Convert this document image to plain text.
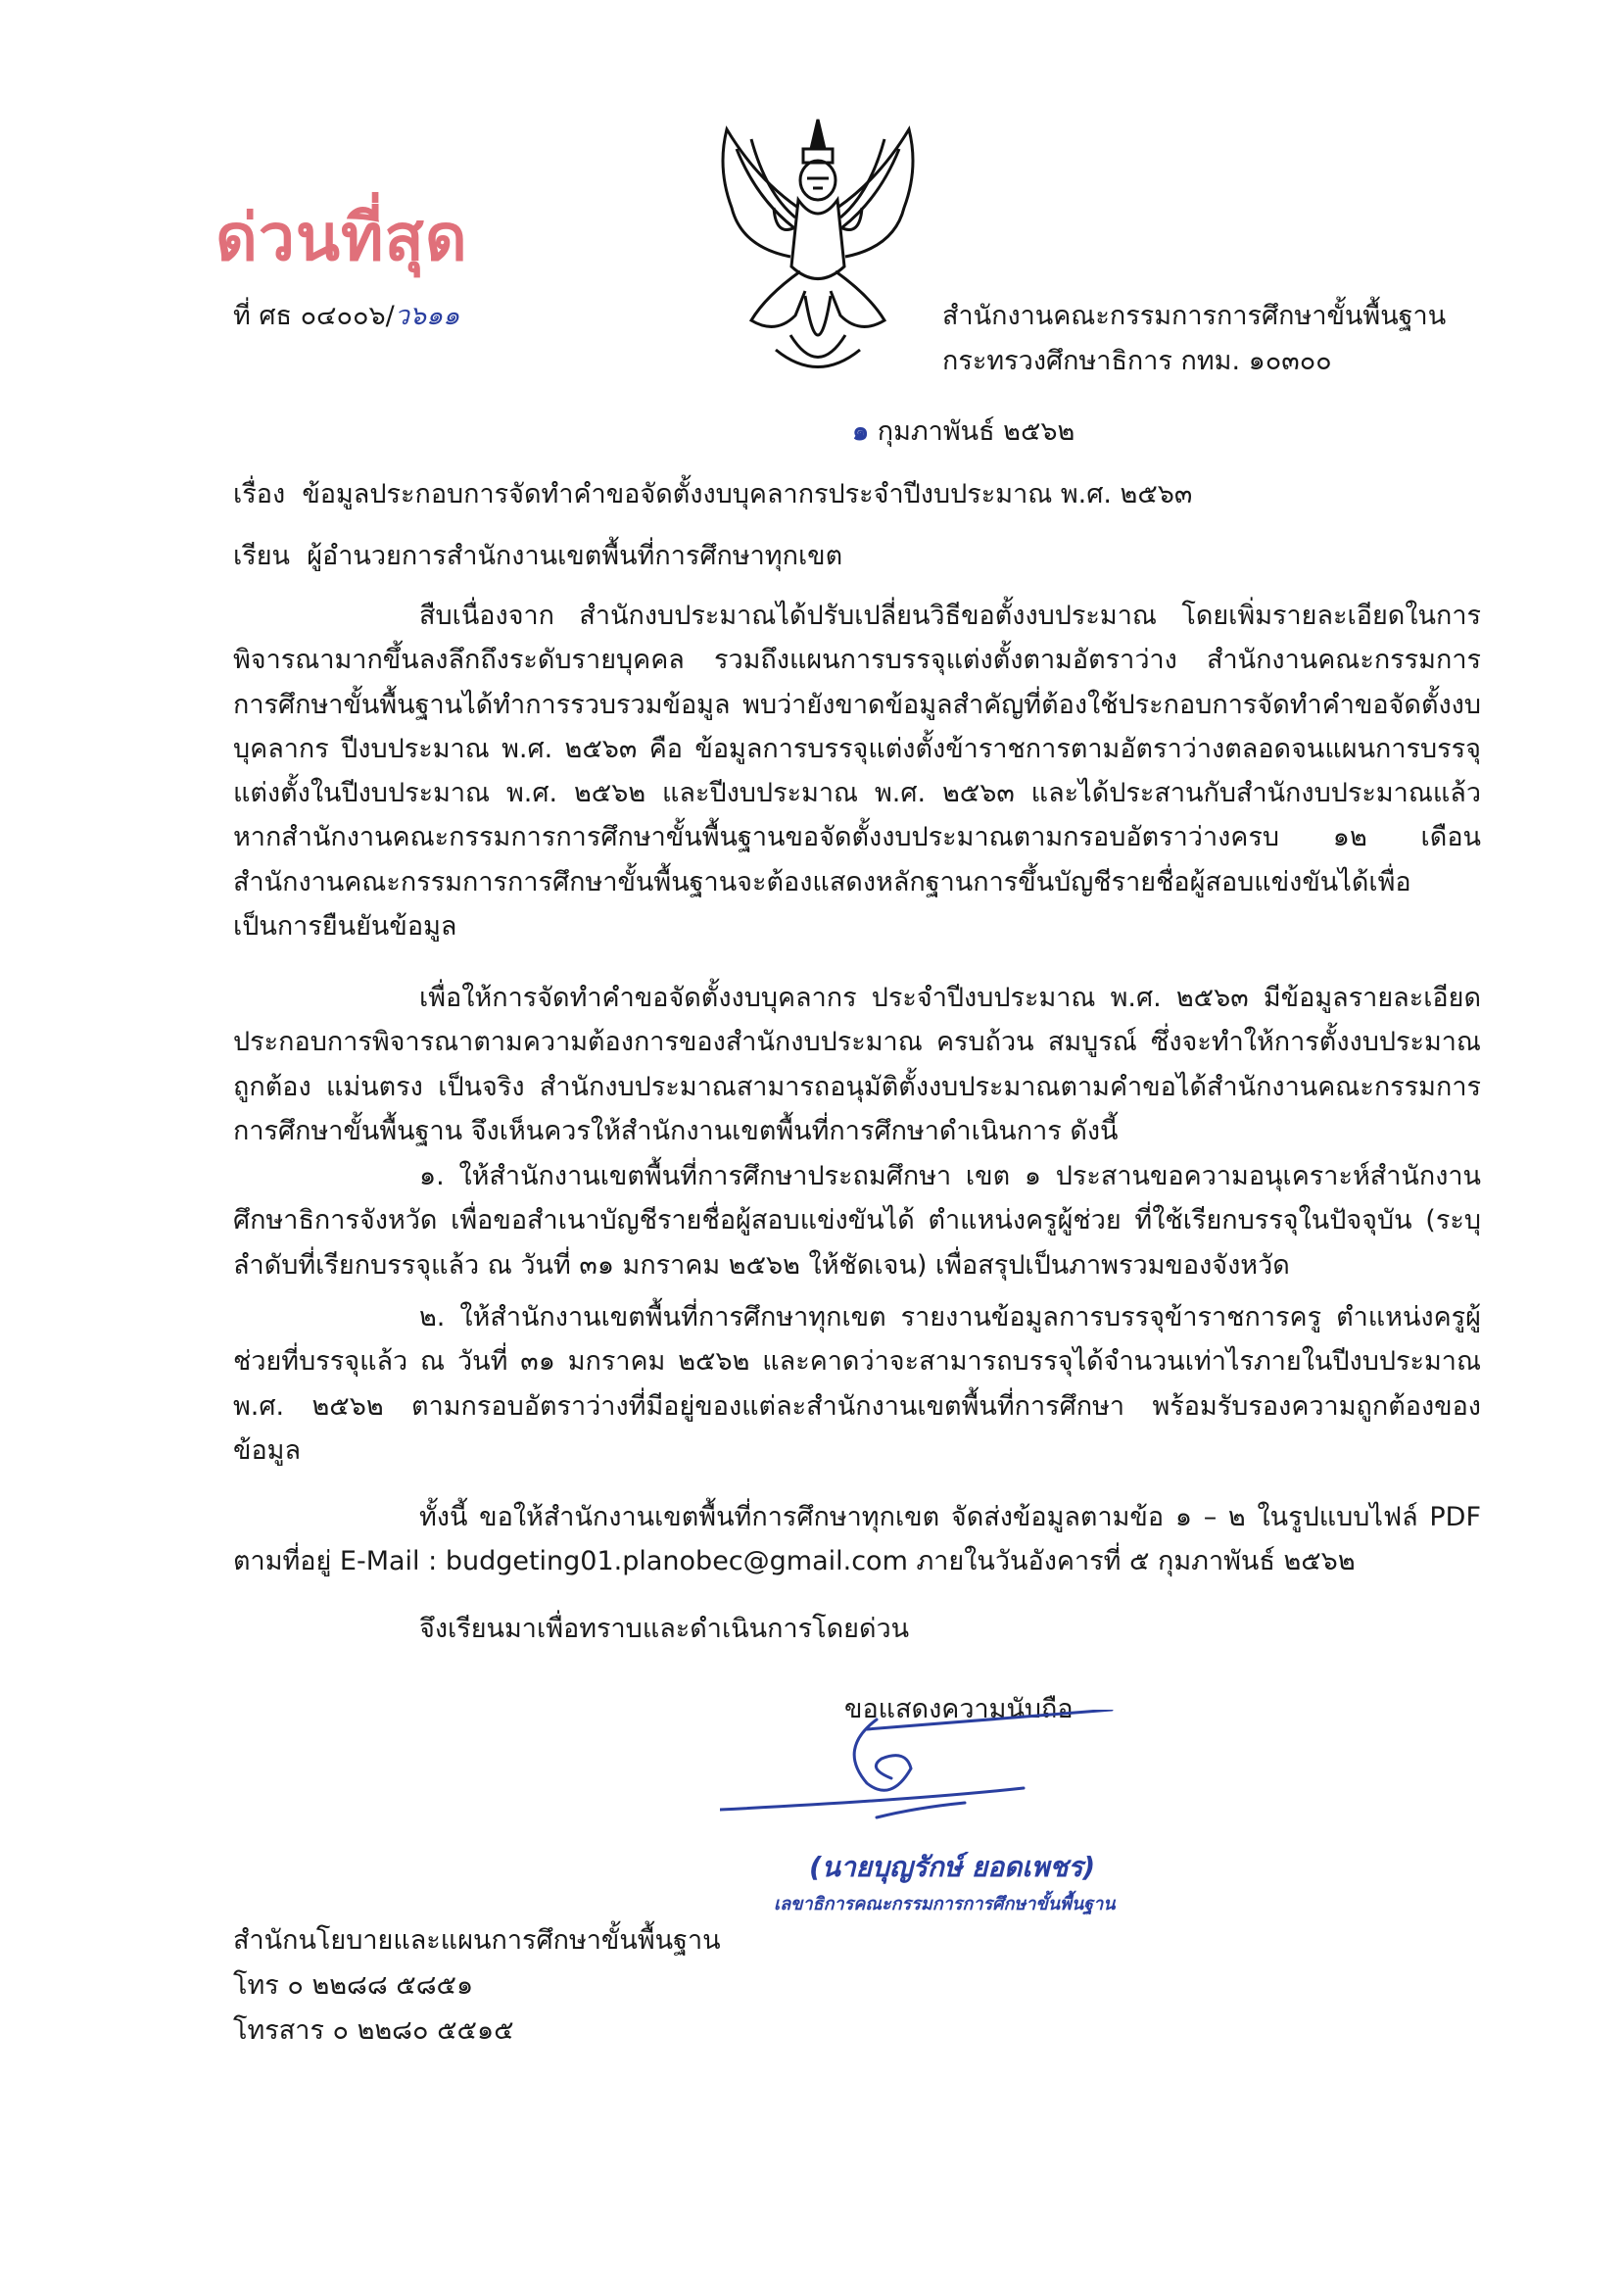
ด่วนที่สุด
ที่ ศธ ๐๔๐๐๖/ว๖๑๑	สำนักงานคณะกรรมการการศึกษาขั้นพื้นฐาน
กระทรวงศึกษาธิการ กทม. ๑๐๓๐๐
๑ กุมภาพันธ์ ๒๕๖๒
เรื่อง ข้อมูลประกอบการจัดทำคำขอจัดตั้งงบบุคลากรประจำปีงบประมาณ พ.ศ. ๒๕๖๓
เรียน ผู้อำนวยการสำนักงานเขตพื้นที่การศึกษาทุกเขต

สืบเนื่องจาก สำนักงบประมาณได้ปรับเปลี่ยนวิธีขอตั้งงบประมาณ โดยเพิ่มรายละเอียดในการพิจารณามากขึ้นลงลึกถึงระดับรายบุคคล รวมถึงแผนการบรรจุแต่งตั้งตามอัตราว่าง สำนักงานคณะกรรมการการศึกษาขั้นพื้นฐานได้ทำการรวบรวมข้อมูล พบว่ายังขาดข้อมูลสำคัญที่ต้องใช้ประกอบการจัดทำคำขอจัดตั้งงบบุคลากร ปีงบประมาณ พ.ศ. ๒๕๖๓ คือ ข้อมูลการบรรจุแต่งตั้งข้าราชการตามอัตราว่างตลอดจนแผนการบรรจุแต่งตั้งในปีงบประมาณ พ.ศ. ๒๕๖๒ และปีงบประมาณ พ.ศ. ๒๕๖๓ และได้ประสานกับสำนักงบประมาณแล้ว หากสำนักงานคณะกรรมการการศึกษาขั้นพื้นฐานขอจัดตั้งงบประมาณตามกรอบอัตราว่างครบ ๑๒ เดือน สำนักงานคณะกรรมการการศึกษาขั้นพื้นฐานจะต้องแสดงหลักฐานการขึ้นบัญชีรายชื่อผู้สอบแข่งขันได้เพื่อเป็นการยืนยันข้อมูล

เพื่อให้การจัดทำคำขอจัดตั้งงบบุคลากร ประจำปีงบประมาณ พ.ศ. ๒๕๖๓ มีข้อมูลรายละเอียดประกอบการพิจารณาตามความต้องการของสำนักงบประมาณ ครบถ้วน สมบูรณ์ ซึ่งจะทำให้การตั้งงบประมาณถูกต้อง แม่นตรง เป็นจริง สำนักงบประมาณสามารถอนุมัติตั้งงบประมาณตามคำขอได้สำนักงานคณะกรรมการการศึกษาขั้นพื้นฐาน จึงเห็นควรให้สำนักงานเขตพื้นที่การศึกษาดำเนินการ ดังนี้

๑. ให้สำนักงานเขตพื้นที่การศึกษาประถมศึกษา เขต ๑ ประสานขอความอนุเคราะห์สำนักงานศึกษาธิการจังหวัด เพื่อขอสำเนาบัญชีรายชื่อผู้สอบแข่งขันได้ ตำแหน่งครูผู้ช่วย ที่ใช้เรียกบรรจุในปัจจุบัน (ระบุลำดับที่เรียกบรรจุแล้ว ณ วันที่ ๓๑ มกราคม ๒๕๖๒ ให้ชัดเจน) เพื่อสรุปเป็นภาพรวมของจังหวัด

๒. ให้สำนักงานเขตพื้นที่การศึกษาทุกเขต รายงานข้อมูลการบรรจุข้าราชการครู ตำแหน่งครูผู้ช่วยที่บรรจุแล้ว ณ วันที่ ๓๑ มกราคม ๒๕๖๒ และคาดว่าจะสามารถบรรจุได้จำนวนเท่าไรภายในปีงบประมาณ พ.ศ. ๒๕๖๒ ตามกรอบอัตราว่างที่มีอยู่ของแต่ละสำนักงานเขตพื้นที่การศึกษา พร้อมรับรองความถูกต้องของข้อมูล

ทั้งนี้ ขอให้สำนักงานเขตพื้นที่การศึกษาทุกเขต จัดส่งข้อมูลตามข้อ ๑ – ๒ ในรูปแบบไฟล์ PDF ตามที่อยู่ E-Mail : budgeting01.planobec@gmail.com ภายในวันอังคารที่ ๕ กุมภาพันธ์ ๒๕๖๒

จึงเรียนมาเพื่อทราบและดำเนินการโดยด่วน
ขอแสดงความนับถือ
(นายบุญรักษ์ ยอดเพชร)
เลขาธิการคณะกรรมการการศึกษาขั้นพื้นฐาน
สำนักนโยบายและแผนการศึกษาขั้นพื้นฐาน
โทร ๐ ๒๒๘๘ ๕๘๕๑
โทรสาร ๐ ๒๒๘๐ ๕๕๑๕
